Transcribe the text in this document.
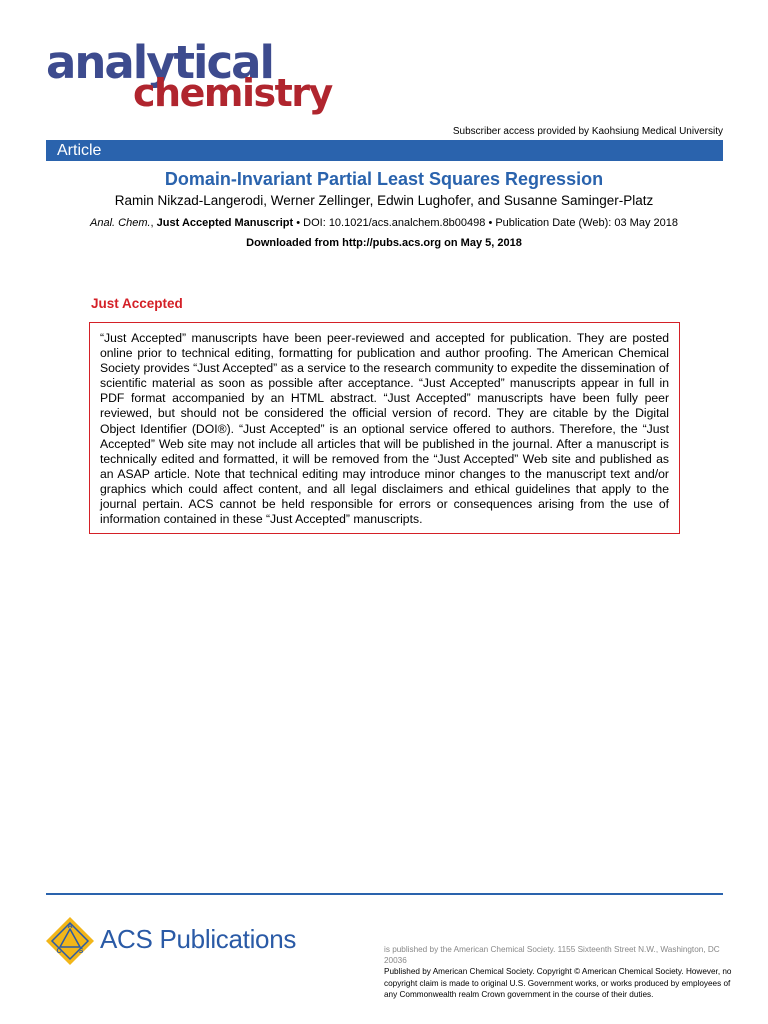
analytical
chemistry
Subscriber access provided by Kaohsiung Medical University
Article
Domain-Invariant Partial Least Squares Regression
Ramin Nikzad-Langerodi, Werner Zellinger, Edwin Lughofer, and Susanne Saminger-Platz
Anal. Chem., Just Accepted Manuscript • DOI: 10.1021/acs.analchem.8b00498 • Publication Date (Web): 03 May 2018
Downloaded from http://pubs.acs.org on May 5, 2018
Just Accepted
“Just Accepted” manuscripts have been peer-reviewed and accepted for publication. They are posted online prior to technical editing, formatting for publication and author proofing. The American Chemical Society provides “Just Accepted” as a service to the research community to expedite the dissemination of scientific material as soon as possible after acceptance. “Just Accepted” manuscripts appear in full in PDF format accompanied by an HTML abstract. “Just Accepted” manuscripts have been fully peer reviewed, but should not be considered the official version of record. They are citable by the Digital Object Identifier (DOI®). “Just Accepted” is an optional service offered to authors. Therefore, the “Just Accepted” Web site may not include all articles that will be published in the journal. After a manuscript is technically edited and formatted, it will be removed from the “Just Accepted” Web site and published as an ASAP article. Note that technical editing may introduce minor changes to the manuscript text and/or graphics which could affect content, and all legal disclaimers and ethical guidelines that apply to the journal pertain. ACS cannot be held responsible for errors or consequences arising from the use of information contained in these “Just Accepted” manuscripts.
A
C S ACS Publications	is published by the American Chemical Society. 1155 Sixteenth Street N.W., Washington, DC 20036
Published by American Chemical Society. Copyright © American Chemical Society. However, no copyright claim is made to original U.S. Government works, or works produced by employees of any Commonwealth realm Crown government in the course of their duties.
